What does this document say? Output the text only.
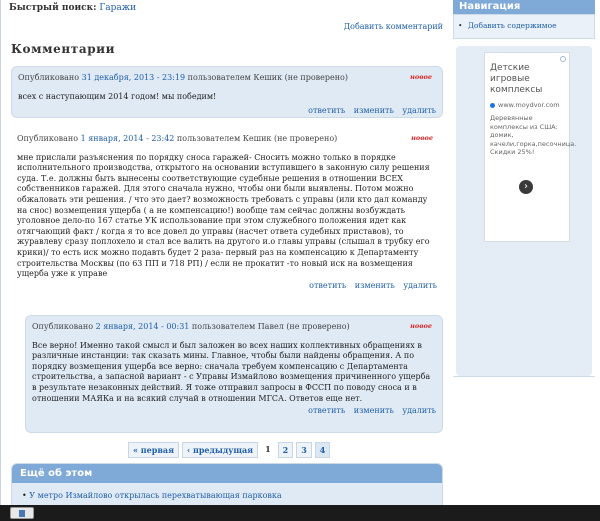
Быстрый поиск: Гаражи
Добавить комментарий
Комментарии
Опубликовано 31 декабря, 2013 - 23:19 пользователем Кешик (не проверено)	новое
всех с наступающим 2014 годом! мы победим!
ответить изменить удалить
Опубликовано 1 января, 2014 - 23:42 пользователем Кешик (не проверено)	новое
мне прислали разъяснения по порядку сноса гаражей- Сносить можно только в порядке исполнительного производства, открытого на основании вступившего в законную силу решения суда. Т.е. должны быть вынесены соответствующие судебные решения в отношении ВСЕХ собственников гаражей. Для этого сначала нужно, чтобы они были выявлены. Потом можно обжаловать эти решения. / что это дает? возможность требовать с управы (или кто дал команду на снос) возмещения ущерба ( а не компенсацию!) вообще там сейчас должны возбуждать уголовное дело-по 167 статье УК использование при этом служебного положения идет как отягчающий факт / когда я то все довел до управы (насчет ответа судебных приставов), то журавлеву сразу поплохело и стал все валить на другого и.о главы управы (слышал в трубку его крики)/ то есть иск можно подавть будет 2 раза- первый раз на компенсацию к Департаменту строительства Москвы (по 63 ПП и 718 РП) / если не прокатит -то новый иск на возмещения ущерба уже к управе
ответить изменить удалить
Опубликовано 2 января, 2014 - 00:31 пользователем Павел (не проверено)	новое
Все верно! Именно такой смысл и был заложен во всех наших коллективных обращениях в различные инстанции: так сказать мины. Главное, чтобы были найдены обращения. А по порядку возмещения ущерба все верно: сначала требуем компенсацию с Департамента строительства, а запасной вариант - с Управы Измайлово возмещения причиненного ущерба в результате незаконных действий. Я тоже отправил запросы в ФССП по поводу сноса и в отношении МАЯКа и на всякий случай в отношении МГСА. Ответов еще нет.
ответить изменить удалить
« первая	‹ предыдущая	1	2	3	4
Ещё об этом
• У метро Измайлово открылась перехватывающая парковка
Навигация
• Добавить содержимое
Детские игровые комплексы
www.moydvor.com
Деревянные комплексы из США: домик, качели,горка,песочница. Скидки 25%!
›
